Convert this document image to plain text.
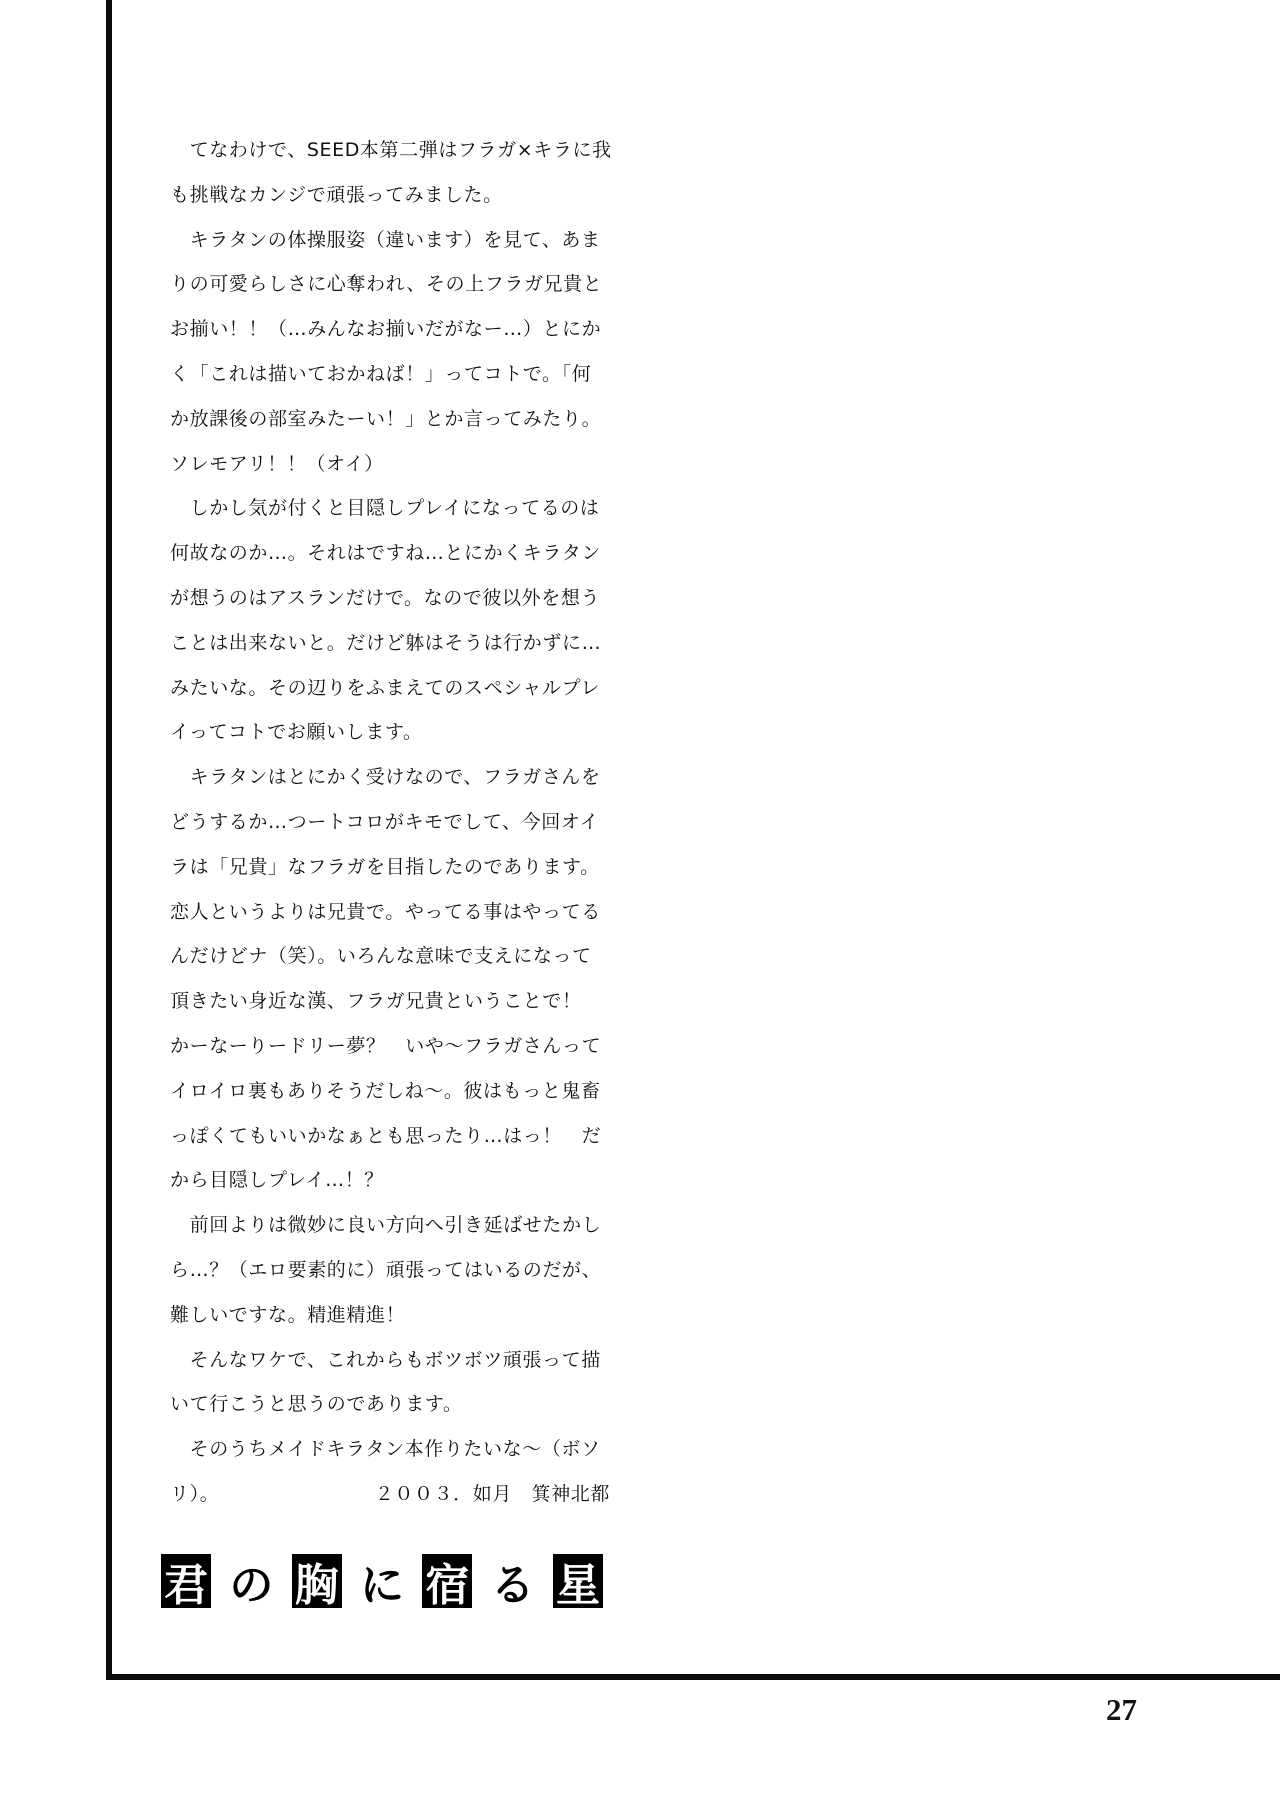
　てなわけで、SEED本第二弾はフラガ×キラに我
も挑戦なカンジで頑張ってみました。
　キラタンの体操服姿（違います）を見て、あま
りの可愛らしさに心奪われ、その上フラガ兄貴と
お揃い！！（…みんなお揃いだがなー…）とにか
く「これは描いておかねば！」ってコトで。「何
か放課後の部室みたーい！」とか言ってみたり。
ソレモアリ！！（オイ）
　しかし気が付くと目隠しプレイになってるのは
何故なのか…。それはですね…とにかくキラタン
が想うのはアスランだけで。なので彼以外を想う
ことは出来ないと。だけど躰はそうは行かずに…
みたいな。その辺りをふまえてのスペシャルプレ
イってコトでお願いします。
　キラタンはとにかく受けなので、フラガさんを
どうするか…つートコロがキモでして、今回オイ
ラは「兄貴」なフラガを目指したのであります。
恋人というよりは兄貴で。やってる事はやってる
んだけどナ（笑）。いろんな意味で支えになって
頂きたい身近な漢、フラガ兄貴ということで！
かーなーりードリー夢？　いや～フラガさんって
イロイロ裏もありそうだしね～。彼はもっと鬼畜
っぽくてもいいかなぁとも思ったり…はっ！　だ
から目隠しプレイ…！？
　前回よりは微妙に良い方向へ引き延ばせたかし
ら…？（エロ要素的に）頑張ってはいるのだが、
難しいですな。精進精進！
　そんなワケで、これからもボツボツ頑張って描
いて行こうと思うのであります。
　そのうちメイドキラタン本作りたいな～（ボソ
リ）。	２００３．如月　 箕神北都
君 の 胸 に 宿 る 星
27
